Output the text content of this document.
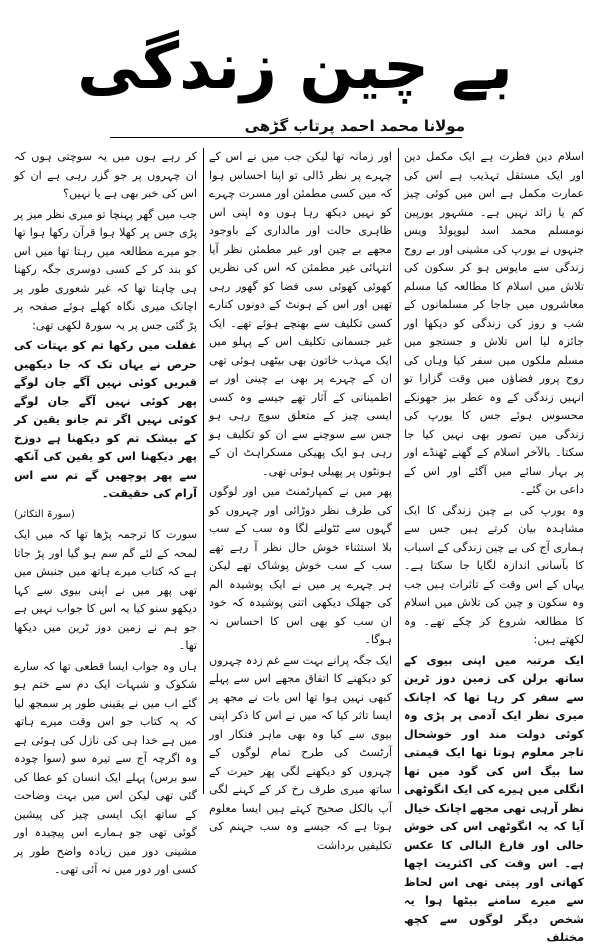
بے چین زندگی
مولانا محمد احمد پرتاب گڑھی

اسلام دین فطرت ہے ایک مکمل دین اور ایک مستقل تہذیب ہے اس کی عمارت مکمل ہے اس میں کوئی چیز کم یا زائد نہیں ہے۔ مشہور یورپین نومسلم محمد اسد لیوپولڈ ویس جنہوں نے یورپ کی مشینی اور بے روح زندگی سے مایوس ہو کر سکون کی تلاش میں اسلام کا مطالعہ کیا مسلم معاشروں میں جاجا کر مسلمانوں کے شب و روز کی زندگی کو دیکھا اور جائزہ لیا اس تلاش و جستجو میں مسلم ملکوں میں سفر کیا وہاں کی روح پرور فضاؤں میں وقت گزارا تو انہیں زندگی کے وہ عطر بیز جھونکے محسوس ہوئے جس کا یورپ کی زندگی میں تصور بھی نہیں کیا جا سکتا۔ بالآخر اسلام کے گھنے ٹھنڈے اور پر بہار سائے میں آگئے اور اس کے داعی بن گئے۔

وہ یورپ کی بے چین زندگی کا ایک مشاہدہ بیان کرتے ہیں جس سے ہماری آج کی بے چین زندگی کے اسباب کا بآسانی اندازہ لگایا جا سکتا ہے۔ یہاں کے اس وقت کے تاثرات ہیں جب وہ سکون و چین کی تلاش میں اسلام کا مطالعہ شروع کر چکے تھے۔ وہ لکھتے ہیں:

ایک مرتبہ میں اپنی بیوی کے ساتھ برلن کی زمین دوز ٹرین سے سفر کر رہا تھا کہ اچانک میری نظر ایک آدمی پر پڑی وہ کوئی دولت مند اور خوشحال تاجر معلوم ہوتا تھا ایک قیمتی سا بیگ اس کی گود میں تھا انگلی میں ہیرے کی ایک انگوٹھی نظر آرہی تھی مجھے اچانک خیال آیا کہ یہ انگوٹھی اس کی خوش حالی اور فارغ البالی کا عکس ہے۔ اس وقت کی اکثریت اچھا کھاتی اور پیتی تھی اس لحاظ سے میرے سامنے بیٹھا ہوا یہ شخص دیگر لوگوں سے کچھ مختلف

اور زمانہ تھا لیکن جب میں نے اس کے چہرے پر نظر ڈالی تو اپنا احساس ہوا کہ میں کسی مطمئن اور مسرت چہرے کو نہیں دیکھ رہا ہوں وہ اپنی اس ظاہری حالت اور مالداری کے باوجود مجھے بے چین اور غیر مطمئن نظر آیا انتہائی غیر مطمئن کہ اس کی نظریں کھوئی کھوئی سی فضا کو گھور رہی تھیں اور اس کے ہونٹ کے دونوں کنارے کسی تکلیف سے بھنچے ہوئے تھے۔ ایک غیر جسمانی تکلیف اس کے پہلو میں ایک مہذب خاتون بھی بیٹھی ہوئی تھی ان کے چہرے پر بھی بے چینی اور بے اطمینانی کے آثار تھے جیسے وہ کسی ایسی چیز کے متعلق سوچ رہی ہو جس سے سوچنے سے ان کو تکلیف ہو رہی ہو ایک پھیکی مسکراہٹ ان کے ہونٹوں پر پھیلی ہوئی تھی۔

پھر میں نے کمپارٹمنٹ میں اور لوگوں کی طرف نظر دوڑائی اور چہروں کو گہوں سے ٹٹولنے لگا وہ سب کے سب بلا استثناء خوش حال نظر آ رہے تھے سب کے سب خوش پوشاک تھے لیکن ہر چہرے پر میں نے ایک پوشیدہ الم کی جھلک دیکھی اتنی پوشیدہ کہ خود ان سب کو بھی اس کا احساس نہ ہوگا۔

ایک جگہ پرانے بہت سے غم زدہ چہروں کو دیکھنے کا اتفاق مجھے اس سے پہلے کبھی نہیں ہوا تھا اس بات نے مجھ پر ایسا تاثر کیا کہ میں نے اس کا ذکر اپنی بیوی سے کیا وہ بھی ماہر فنکار اور آرٹسٹ کی طرح تمام لوگوں کے چہروں کو دیکھنے لگی پھر حیرت کے ساتھ میری طرف رخ کر کے کہنے لگی آپ بالکل صحیح کہتے ہیں ایسا معلوم ہوتا ہے کہ جیسے وہ سب جہنم کی تکلیفیں برداشت

کر رہے ہوں میں یہ سوچتی ہوں کہ ان چہروں پر جو گزر رہی ہے ان کو اس کی خبر بھی ہے یا نہیں؟

جب میں گھر پہنچا تو میری نظر میز پر پڑی جس پر کھلا ہوا قرآن رکھا ہوا تھا جو میرے مطالعہ میں رہتا تھا میں اس کو بند کر کے کسی دوسری جگہ رکھنا ہی چاہتا تھا کہ غیر شعوری طور پر اچانک میری نگاہ کھلے ہوئے صفحہ پر پڑ گئی جس پر یہ سورۃ لکھی تھی:

غفلت میں رکھا تم کو بہتات کی حرص نے یہاں تک کہ جا دیکھیں قبریں کوئی نہیں آگے جان لوگے پھر کوئی نہیں آگے جان لوگے کوئی نہیں اگر تم جانو یقین کر کے بیشک تم کو دیکھنا ہے دوزخ پھر دیکھنا اس کو یقین کی آنکھ سے پھر پوچھیں گے تم سے اس آرام کی حقیقت۔

(سورۃ التکاثر)

سورت کا ترجمہ پڑھا تھا کہ میں ایک لمحہ کے لئے گم سم ہو گیا اور پڑ جاتا ہے کہ کتاب میرے ہاتھ میں جنبش میں تھی پھر میں نے اپنی بیوی سے کہا دیکھو سنو کیا یہ اس کا جواب نہیں ہے جو ہم نے زمین دوز ٹرین میں دیکھا تھا۔

ہاں وہ جواب ایسا قطعی تھا کہ سارے شکوک و شبہات ایک دم سے ختم ہو گئے اب میں نے یقینی طور پر سمجھ لیا کہ یہ کتاب جو اس وقت میرے ہاتھ میں ہے خدا ہی کی نازل کی ہوئی ہے وہ اگرچہ آج سے تیرہ سو (سوا چودہ سو برس) پہلے ایک انسان کو عطا کی گئی تھی لیکن اس میں بہت وضاحت کے ساتھ ایک ایسی چیز کی پیشین گوئی تھی جو ہمارے اس پیچیدہ اور مشینی دور میں زیادہ واضح طور پر کسی اور دور میں نہ آئی تھی۔
